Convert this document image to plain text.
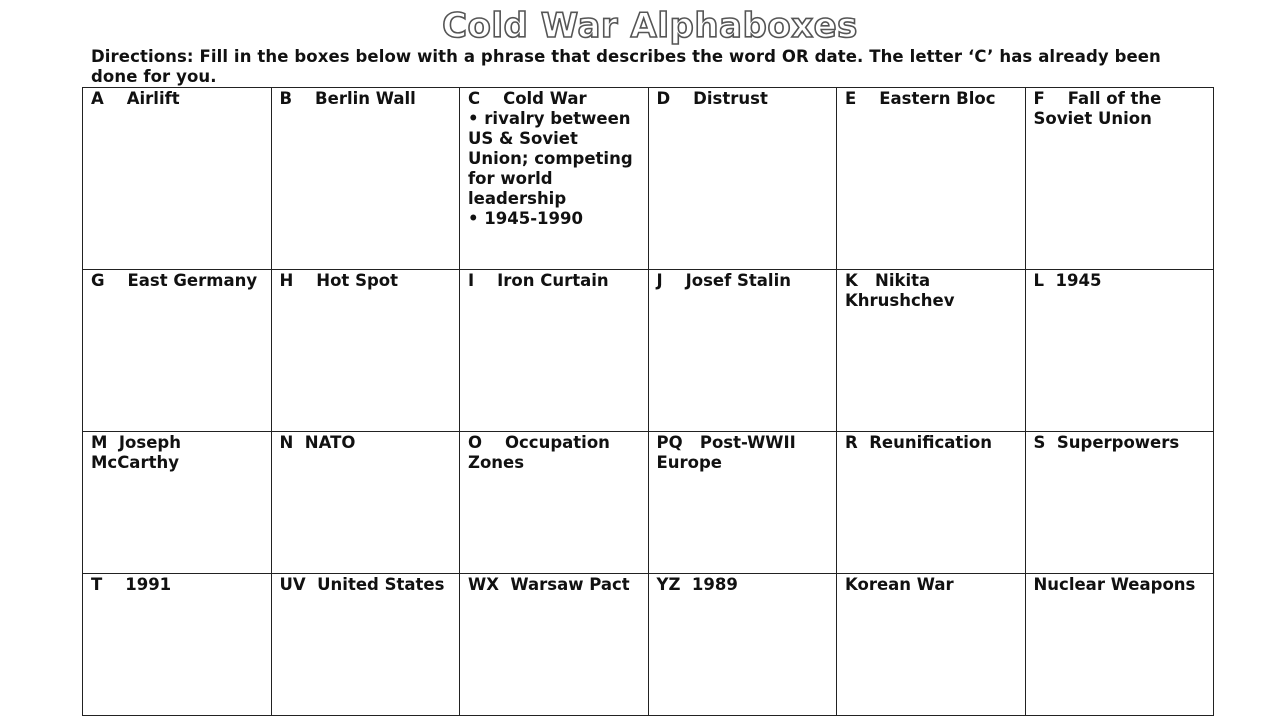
Cold War Alphaboxes
Directions: Fill in the boxes below with a phrase that describes the word OR date. The letter ‘C’ has already been done for you.
A    Airlift	B    Berlin Wall	C    Cold War
• rivalry between US & Soviet Union; competing for world leadership
• 1945-1990	D    Distrust	E    Eastern Bloc	F    Fall of the Soviet Union

G    East Germany	H    Hot Spot	I    Iron Curtain	J    Josef Stalin	K   Nikita Khrushchev	L  1945

M  Joseph McCarthy	N  NATO	O    Occupation Zones	PQ   Post-WWII Europe	R  Reunification	S  Superpowers

T    1991	UV  United States	WX  Warsaw Pact	YZ  1989	Korean War	Nuclear Weapons
